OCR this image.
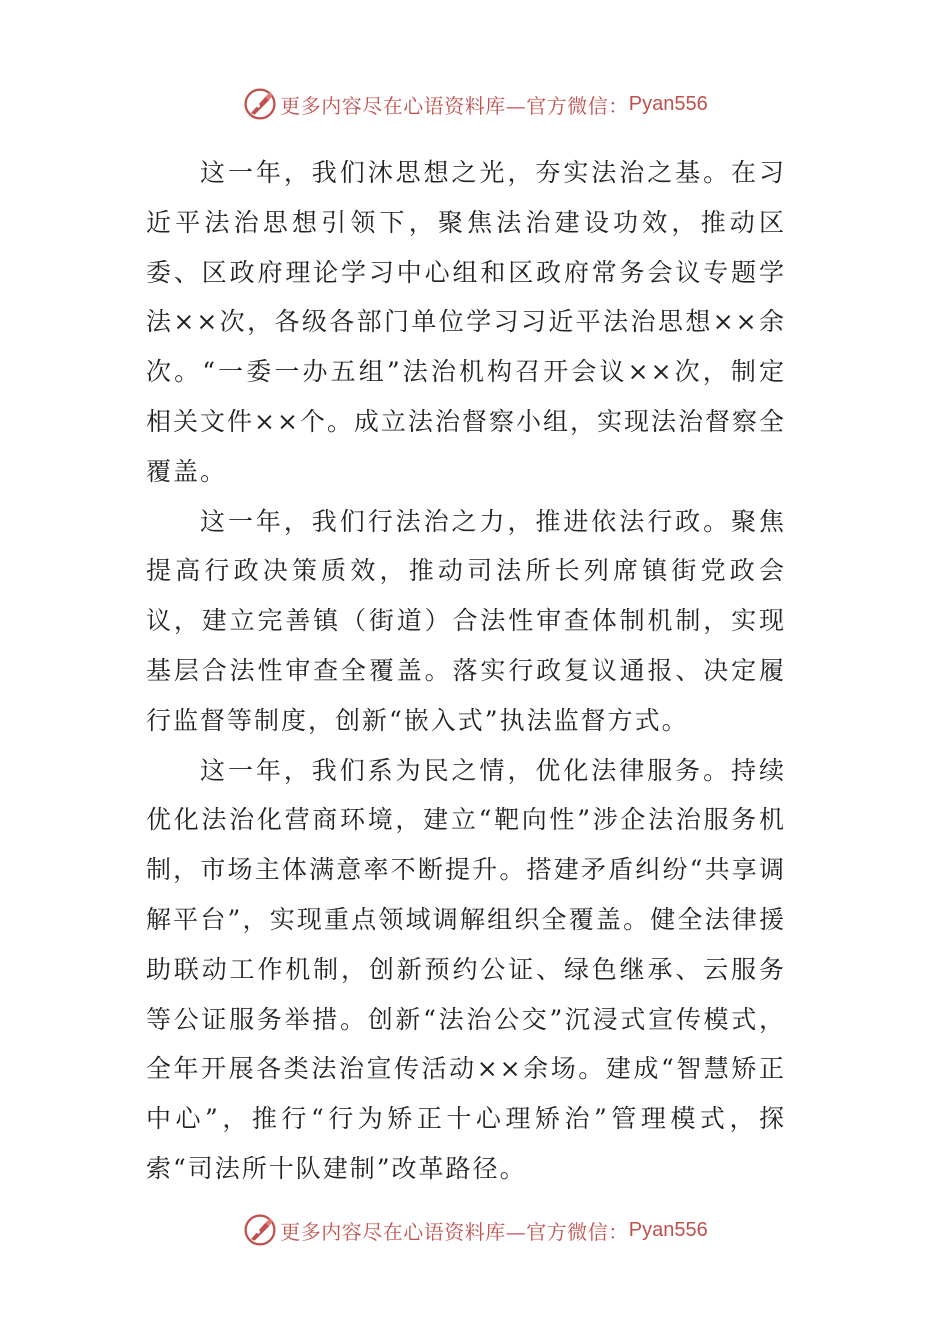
更多内容尽在心语资料库—官方微信： Pyan556

这一年，我们沐思想之光，夯实法治之基。在习近平法治思想引领下，聚焦法治建设功效，推动区委、区政府理论学习中心组和区政府常务会议专题学法××次，各级各部门单位学习习近平法治思想××余次。“一委一办五组”法治机构召开会议××次，制定相关文件××个。成立法治督察小组，实现法治督察全覆盖。

这一年，我们行法治之力，推进依法行政。聚焦提高行政决策质效，推动司法所长列席镇街党政会议，建立完善镇（街道）合法性审查体制机制，实现基层合法性审查全覆盖。落实行政复议通报、决定履行监督等制度，创新“嵌入式”执法监督方式。

这一年，我们系为民之情，优化法律服务。持续优化法治化营商环境，建立“靶向性”涉企法治服务机制，市场主体满意率不断提升。搭建矛盾纠纷“共享调解平台”，实现重点领域调解组织全覆盖。健全法律援助联动工作机制，创新预约公证、绿色继承、云服务等公证服务举措。创新“法治公交”沉浸式宣传模式，全年开展各类法治宣传活动××余场。建成“智慧矫正中心”，推行“行为矫正十心理矫治”管理模式，探索“司法所十队建制”改革路径。

更多内容尽在心语资料库—官方微信： Pyan556
